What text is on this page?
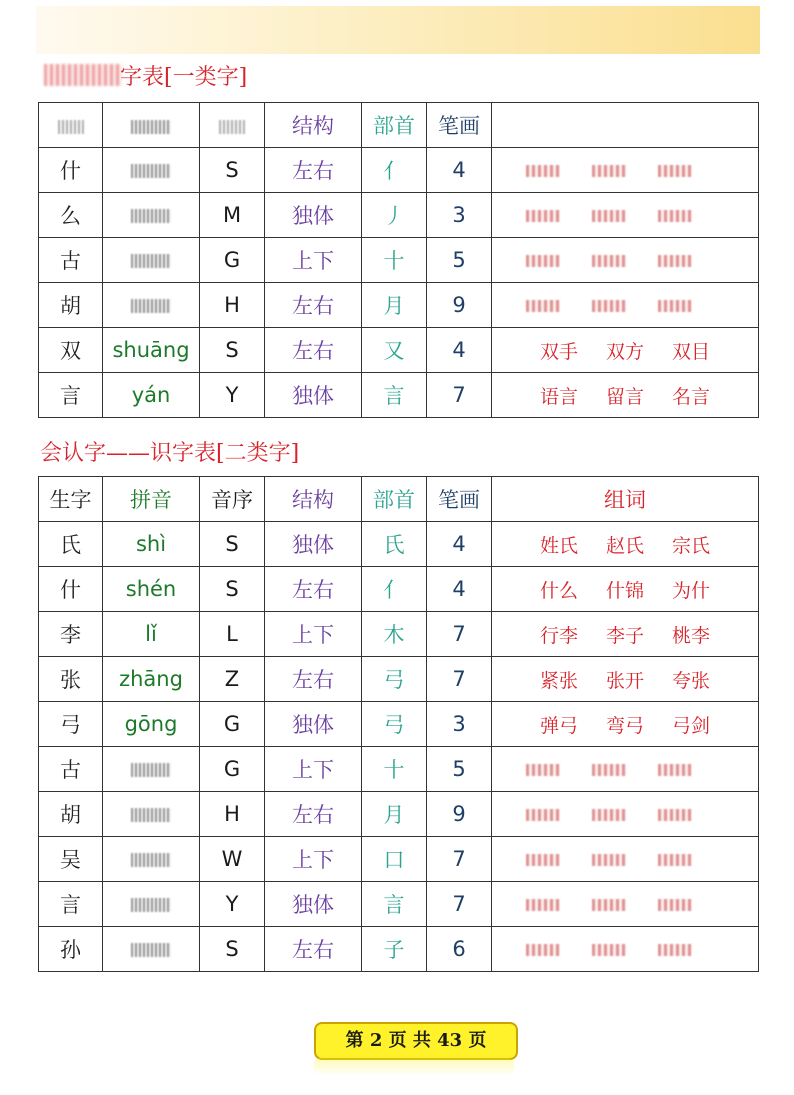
字表[一类字]
			结构	部首	笔画	
什		S	左右	亻	4	
么		M	独体	丿	3	
古		G	上下	十	5	
胡		H	左右	月	9	
双	shuāng	S	左右	又	4	双手 双方 双目
言	yán	Y	独体	言	7	语言 留言 名言
会认字——识字表[二类字]
生字	拼音	音序	结构	部首	笔画	组词
氏	shì	S	独体	氏	4	姓氏 赵氏 宗氏
什	shén	S	左右	亻	4	什么 什锦 为什
李	lǐ	L	上下	木	7	行李 李子 桃李
张	zhāng	Z	左右	弓	7	紧张 张开 夸张
弓	gōng	G	独体	弓	3	弹弓 弯弓 弓剑
古		G	上下	十	5	
胡		H	左右	月	9	
吴		W	上下	口	7	
言		Y	独体	言	7	
孙		S	左右	子	6	
第 2 页 共 43 页
